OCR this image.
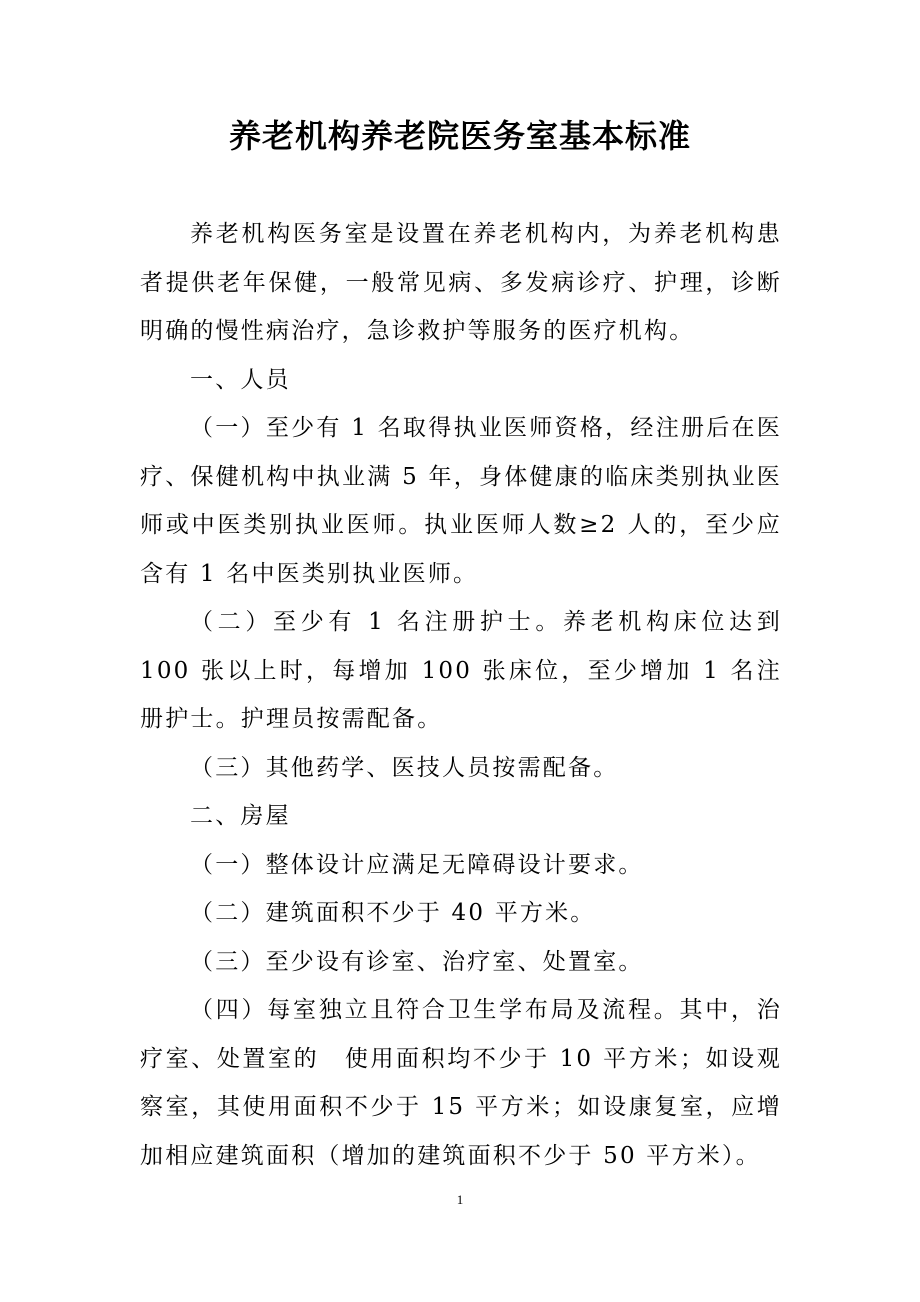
养老机构养老院医务室基本标准

养老机构医务室是设置在养老机构内，为养老机构患者提供老年保健，一般常见病、多发病诊疗、护理，诊断明确的慢性病治疗，急诊救护等服务的医疗机构。

一、人员

（一）至少有 1 名取得执业医师资格，经注册后在医疗、保健机构中执业满 5 年，身体健康的临床类别执业医师或中医类别执业医师。执业医师人数≥2 人的，至少应含有 1 名中医类别执业医师。

（二）至少有 1 名注册护士。养老机构床位达到 100 张以上时，每增加 100 张床位，至少增加 1 名注册护士。护理员按需配备。

（三）其他药学、医技人员按需配备。

二、房屋

（一）整体设计应满足无障碍设计要求。

（二）建筑面积不少于 40 平方米。

（三）至少设有诊室、治疗室、处置室。

（四）每室独立且符合卫生学布局及流程。其中，治疗室、处置室的　使用面积均不少于 10 平方米；如设观察室，其使用面积不少于 15 平方米；如设康复室，应增加相应建筑面积（增加的建筑面积不少于 50 平方米）。

1
